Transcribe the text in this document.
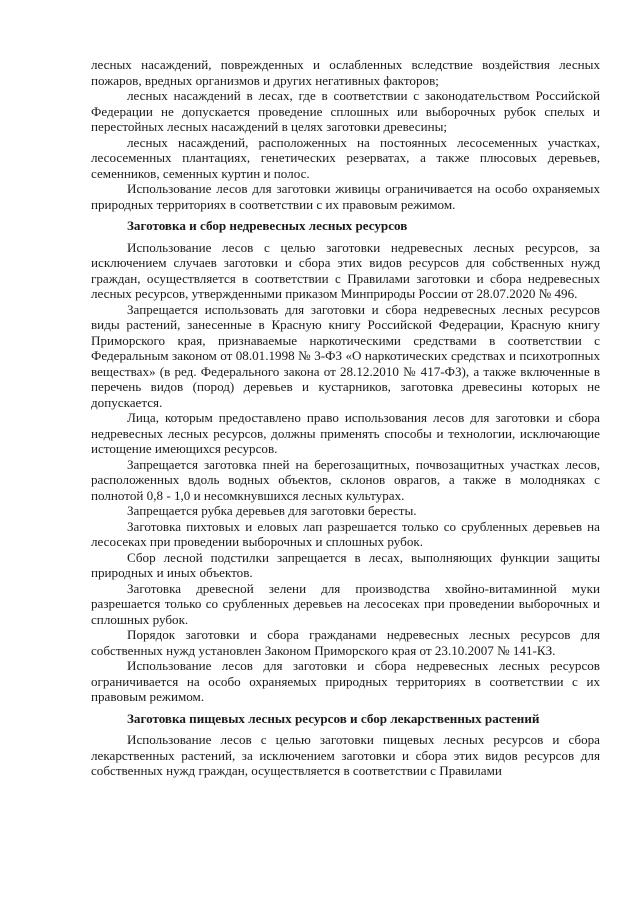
лесных насаждений, поврежденных и ослабленных вследствие воздействия лесных пожаров, вредных организмов и других негативных факторов;

лесных насаждений в лесах, где в соответствии с законодательством Российской Федерации не допускается проведение сплошных или выборочных рубок спелых и перестойных лесных насаждений в целях заготовки древесины;

лесных насаждений, расположенных на постоянных лесосеменных участках, лесосеменных плантациях, генетических резерватах, а также плюсовых деревьев, семенников, семенных куртин и полос.

Использование лесов для заготовки живицы ограничивается на особо охраняемых природных территориях в соответствии с их правовым режимом.

Заготовка и сбор недревесных лесных ресурсов

Использование лесов с целью заготовки недревесных лесных ресурсов, за исключением случаев заготовки и сбора этих видов ресурсов для собственных нужд граждан, осуществляется в соответствии с Правилами заготовки и сбора недревесных лесных ресурсов, утвержденными приказом Минприроды России от 28.07.2020 № 496.

Запрещается использовать для заготовки и сбора недревесных лесных ресурсов виды растений, занесенные в Красную книгу Российской Федерации, Красную книгу Приморского края, признаваемые наркотическими средствами в соответствии с Федеральным законом от 08.01.1998 № 3-ФЗ «О наркотических средствах и психотропных веществах» (в ред. Федерального закона от 28.12.2010 № 417-ФЗ), а также включенные в перечень видов (пород) деревьев и кустарников, заготовка древесины которых не допускается.

Лица, которым предоставлено право использования лесов для заготовки и сбора недревесных лесных ресурсов, должны применять способы и технологии, исключающие истощение имеющихся ресурсов.

Запрещается заготовка пней на берегозащитных, почвозащитных участках лесов, расположенных вдоль водных объектов, склонов оврагов, а также в молодняках с полнотой 0,8 - 1,0 и несомкнувшихся лесных культурах.

Запрещается рубка деревьев для заготовки бересты.

Заготовка пихтовых и еловых лап разрешается только со срубленных деревьев на лесосеках при проведении выборочных и сплошных рубок.

Сбор лесной подстилки запрещается в лесах, выполняющих функции защиты природных и иных объектов.

Заготовка древесной зелени для производства хвойно-витаминной муки разрешается только со срубленных деревьев на лесосеках при проведении выборочных и сплошных рубок.

Порядок заготовки и сбора гражданами недревесных лесных ресурсов для собственных нужд установлен Законом Приморского края от 23.10.2007 № 141-КЗ.

Использование лесов для заготовки и сбора недревесных лесных ресурсов ограничивается на особо охраняемых природных территориях в соответствии с их правовым режимом.

Заготовка пищевых лесных ресурсов и сбор лекарственных растений

Использование лесов с целью заготовки пищевых лесных ресурсов и сбора лекарственных растений, за исключением заготовки и сбора этих видов ресурсов для собственных нужд граждан, осуществляется в соответствии с Правилами
